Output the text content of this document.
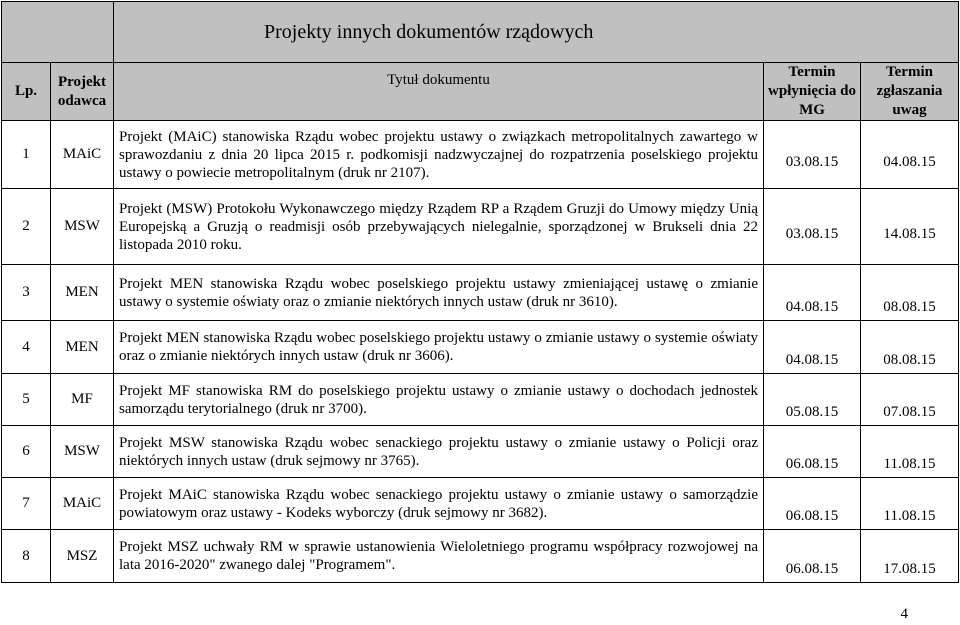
		Projekty innych dokumentów rządowych		
Lp.	Projekt odawca	Tytuł dokumentu	Termin wpłynięcia do MG	Termin zgłaszania uwag
1	MAiC	Projekt (MAiC) stanowiska Rządu wobec projektu ustawy o związkach metropolitalnych zawartego w sprawozdaniu z dnia 20 lipca 2015 r. podkomisji nadzwyczajnej do rozpatrzenia poselskiego projektu ustawy o powiecie metropolitalnym (druk nr 2107).	03.08.15	04.08.15
2	MSW	Projekt (MSW) Protokołu Wykonawczego między Rządem RP a Rządem Gruzji do Umowy między Unią Europejską a Gruzją o readmisji osób przebywających nielegalnie, sporządzonej w Brukseli dnia 22 listopada 2010 roku.	03.08.15	14.08.15
3	MEN	Projekt MEN stanowiska Rządu wobec poselskiego projektu ustawy zmieniającej ustawę o zmianie ustawy o systemie oświaty oraz o zmianie niektórych innych ustaw (druk nr 3610).	04.08.15	08.08.15
4	MEN	Projekt MEN stanowiska Rządu wobec poselskiego projektu ustawy o zmianie ustawy o systemie oświaty oraz o zmianie niektórych innych ustaw (druk nr 3606).	04.08.15	08.08.15
5	MF	Projekt MF stanowiska RM do poselskiego projektu ustawy o zmianie ustawy o dochodach jednostek samorządu terytorialnego (druk nr 3700).	05.08.15	07.08.15
6	MSW	Projekt MSW stanowiska Rządu wobec senackiego projektu ustawy o zmianie ustawy o Policji oraz niektórych innych ustaw (druk sejmowy nr 3765).	06.08.15	11.08.15
7	MAiC	Projekt MAiC stanowiska Rządu wobec senackiego projektu ustawy o zmianie ustawy o samorządzie powiatowym oraz ustawy - Kodeks wyborczy (druk sejmowy nr 3682).	06.08.15	11.08.15
8	MSZ	Projekt MSZ uchwały RM w sprawie ustanowienia Wieloletniego programu współpracy rozwojowej na lata 2016-2020" zwanego dalej "Programem".	06.08.15	17.08.15
4
